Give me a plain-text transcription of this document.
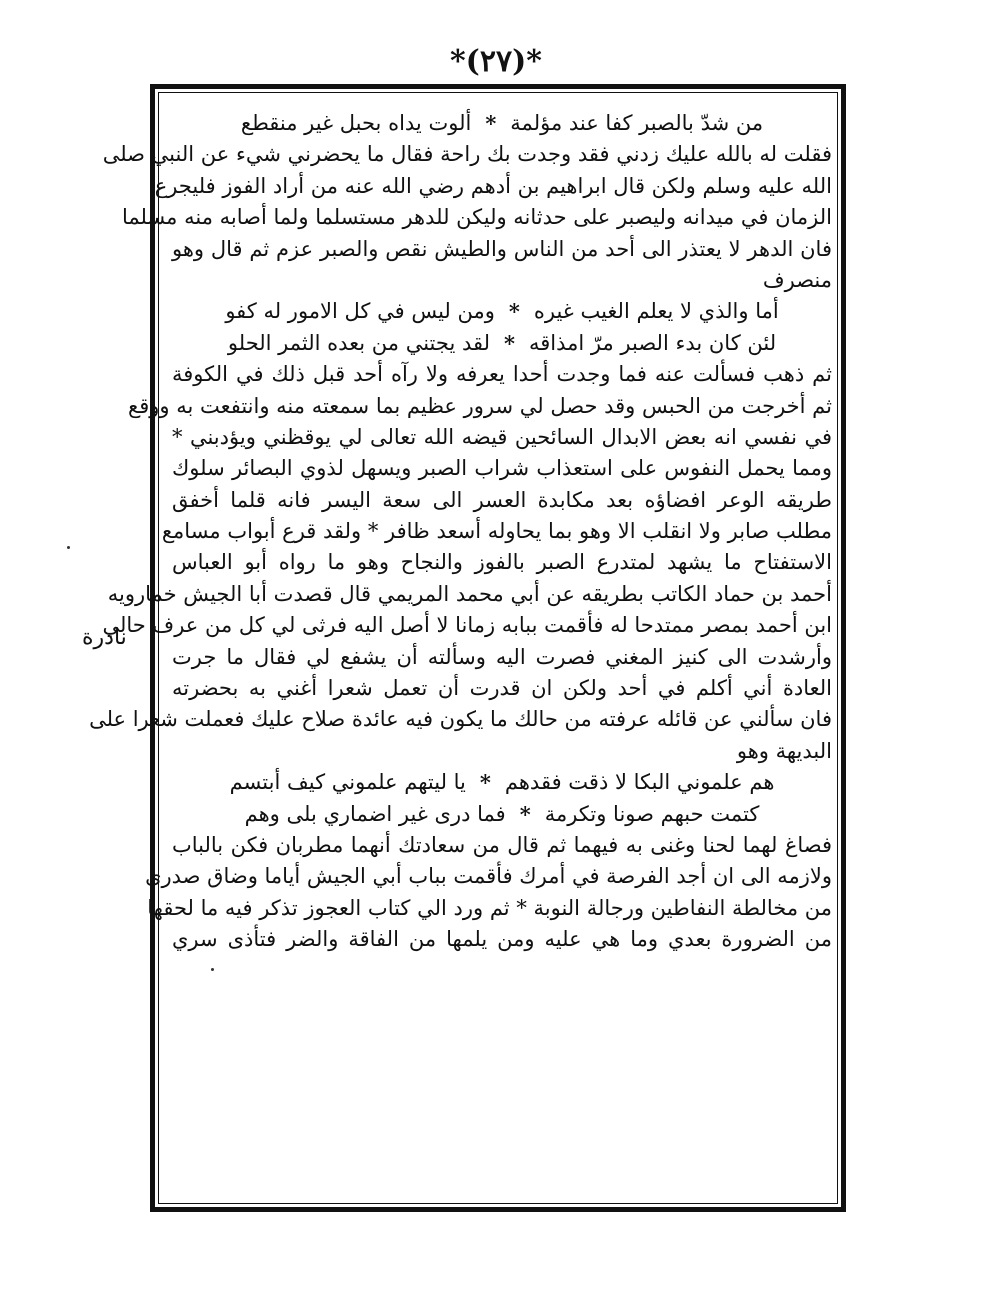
*(٢٧)*
نادرة
من شدّ بالصبر كفا عند مؤلمة
*
ألوت يداه بحبل غير منقطع
فقلت له بالله عليك زدني فقد وجدت بك راحة فقال ما يحضرني شيء عن النبي صلى
الله عليه وسلم ولكن قال ابراهيم بن أدهم رضي الله عنه من أراد الفوز فليجرع
الزمان في ميدانه وليصبر على حدثانه وليكن للدهر مستسلما ولما أصابه منه مسلما
فان الدهر لا يعتذر الى أحد من الناس والطيش نقص والصبر عزم ثم قال وهو
منصرف
أما والذي لا يعلم الغيب غيره
*
ومن ليس في كل الامور له كفو
لئن كان بدء الصبر مرّ امذاقه
*
لقد يجتني من بعده الثمر الحلو
ثم ذهب فسألت عنه فما وجدت أحدا يعرفه ولا رآه أحد قبل ذلك في الكوفة
ثم أخرجت من الحبس وقد حصل لي سرور عظيم بما سمعته منه وانتفعت به ووقع
في نفسي انه بعض الابدال السائحين قيضه الله تعالى لي يوقظني ويؤدبني *
ومما يحمل النفوس على استعذاب شراب الصبر ويسهل لذوي البصائر سلوك
طريقه الوعر افضاؤه بعد مكابدة العسر الى سعة اليسر فانه قلما أخفق
مطلب صابر ولا انقلب الا وهو بما يحاوله أسعد ظافر * ولقد قرع أبواب مسامع
الاستفتاح ما يشهد لمتدرع الصبر بالفوز والنجاح وهو ما رواه أبو العباس
أحمد بن حماد الكاتب بطريقه عن أبي محمد المريمي قال قصدت أبا الجيش خمارويه
ابن أحمد بمصر ممتدحا له فأقمت ببابه زمانا لا أصل اليه فرثى لي كل من عرف حالي
وأرشدت الى كنيز المغني فصرت اليه وسألته أن يشفع لي فقال ما جرت
العادة أني أكلم في أحد ولكن ان قدرت أن تعمل شعرا أغني به بحضرته
فان سألني عن قائله عرفته من حالك ما يكون فيه عائدة صلاح عليك فعملت شعرا على
البديهة وهو
هم علموني البكا لا ذقت فقدهم
*
يا ليتهم علموني كيف أبتسم
كتمت حبهم صونا وتكرمة
*
فما درى غير اضماري بلى وهم
فصاغ لهما لحنا وغنى به فيهما ثم قال من سعادتك أنهما مطربان فكن بالباب
ولازمه الى ان أجد الفرصة في أمرك فأقمت بباب أبي الجيش أياما وضاق صدري
من مخالطة النفاطين ورجالة النوبة * ثم ورد الي كتاب العجوز تذكر فيه ما لحقها
من الضرورة بعدي وما هي عليه ومن يلمها من الفاقة والضر فتأذى سري
